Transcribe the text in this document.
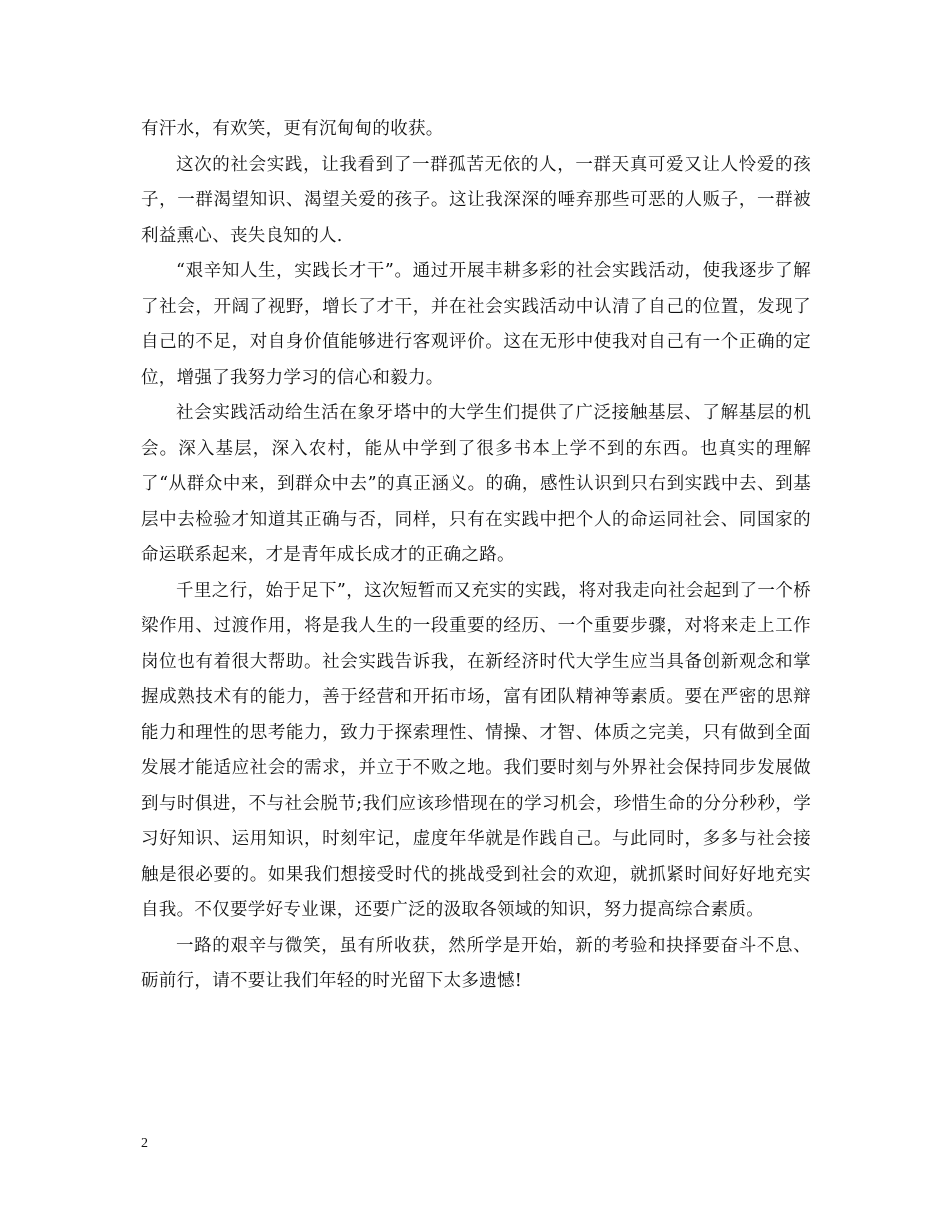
有汗水，有欢笑，更有沉甸甸的收获。

这次的社会实践，让我看到了一群孤苦无依的人，一群天真可爱又让人怜爱的孩子，一群渴望知识、渴望关爱的孩子。这让我深深的唾弃那些可恶的人贩子，一群被利益熏心、丧失良知的人.

“艰辛知人生，实践长才干”。通过开展丰耕多彩的社会实践活动，使我逐步了解了社会，开阔了视野，增长了才干，并在社会实践活动中认清了自己的位置，发现了自己的不足，对自身价值能够进行客观评价。这在无形中使我对自己有一个正确的定位，增强了我努力学习的信心和毅力。

社会实践活动给生活在象牙塔中的大学生们提供了广泛接触基层、了解基层的机会。深入基层，深入农村，能从中学到了很多书本上学不到的东西。也真实的理解了“从群众中来，到群众中去”的真正涵义。的确，感性认识到只右到实践中去、到基层中去检验才知道其正确与否，同样，只有在实践中把个人的命运同社会、同国家的命运联系起来，才是青年成长成才的正确之路。

千里之行，始于足下”，这次短暂而又充实的实践，将对我走向社会起到了一个桥梁作用、过渡作用，将是我人生的一段重要的经历、一个重要步骤，对将来走上工作岗位也有着很大帮助。社会实践告诉我，在新经济时代大学生应当具备创新观念和掌握成熟技术有的能力，善于经营和开拓市场，富有团队精神等素质。要在严密的思辩能力和理性的思考能力，致力于探索理性、情操、才智、体质之完美，只有做到全面发展才能适应社会的需求，并立于不败之地。我们要时刻与外界社会保持同步发展做到与时俱进，不与社会脱节;我们应该珍惜现在的学习机会，珍惜生命的分分秒秒，学习好知识、运用知识，时刻牢记，虚度年华就是作践自己。与此同时，多多与社会接触是很必要的。如果我们想接受时代的挑战受到社会的欢迎，就抓紧时间好好地充实自我。不仅要学好专业课，还要广泛的汲取各领域的知识，努力提高综合素质。

一路的艰辛与微笑，虽有所收获，然所学是开始，新的考验和抉择要奋斗不息、砺前行，请不要让我们年轻的时光留下太多遗憾!

2
